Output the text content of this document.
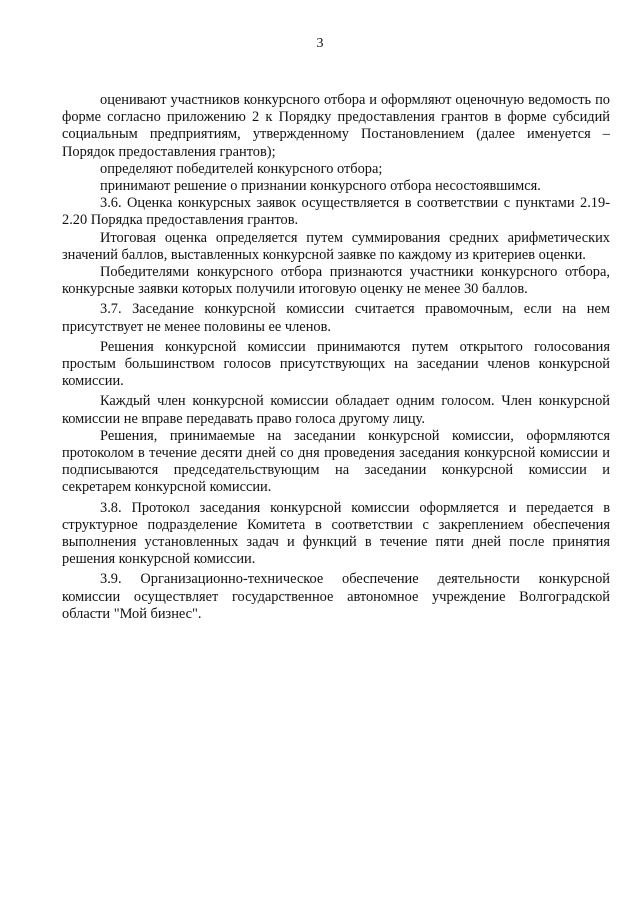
3

оценивают участников конкурсного отбора и оформляют оценочную ведомость по форме согласно приложению 2 к Порядку предоставления грантов в форме субсидий социальным предприятиям, утвержденному Постановлением (далее именуется – Порядок предоставления грантов);

определяют победителей конкурсного отбора;

принимают решение о признании конкурсного отбора несостоявшимся.

3.6. Оценка конкурсных заявок осуществляется в соответствии с пунктами 2.19-2.20 Порядка предоставления грантов.

Итоговая оценка определяется путем суммирования средних арифметических значений баллов, выставленных конкурсной заявке по каждому из критериев оценки.

Победителями конкурсного отбора признаются участники конкурсного отбора, конкурсные заявки которых получили итоговую оценку не менее 30 баллов.

3.7. Заседание конкурсной комиссии считается правомочным, если на нем присутствует не менее половины ее членов.

Решения конкурсной комиссии принимаются путем открытого голосования простым большинством голосов присутствующих на заседании членов конкурсной комиссии.

Каждый член конкурсной комиссии обладает одним голосом. Член конкурсной комиссии не вправе передавать право голоса другому лицу.

Решения, принимаемые на заседании конкурсной комиссии, оформляются протоколом в течение десяти дней со дня проведения заседания конкурсной комиссии и подписываются председательствующим на заседании конкурсной комиссии и секретарем конкурсной комиссии.

3.8. Протокол заседания конкурсной комиссии оформляется и передается в структурное подразделение Комитета в соответствии с закреплением обеспечения выполнения установленных задач и функций в течение пяти дней после принятия решения конкурсной комиссии.

3.9. Организационно-техническое обеспечение деятельности конкурсной комиссии осуществляет государственное автономное учреждение Волгоградской области "Мой бизнес".
